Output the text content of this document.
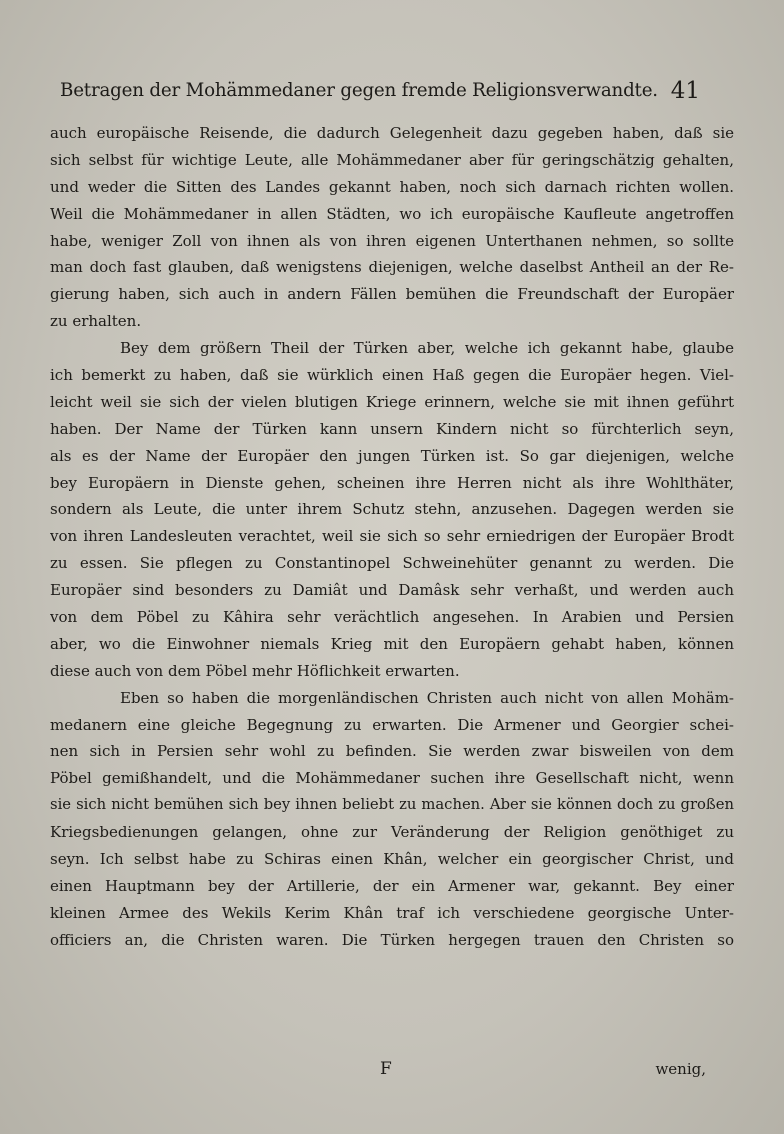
Betragen der Mohämmedaner gegen fremde Religionsverwandte. 41
auch europäische Reisende, die dadurch Gelegenheit dazu gegeben haben, daß sie
sich selbst für wichtige Leute, alle Mohämmedaner aber für geringschätzig gehalten,
und weder die Sitten des Landes gekannt haben, noch sich darnach richten wollen.
Weil die Mohämmedaner in allen Städten, wo ich europäische Kaufleute angetroffen
habe, weniger Zoll von ihnen als von ihren eigenen Unterthanen nehmen, so sollte
man doch fast glauben, daß wenigstens diejenigen, welche daselbst Antheil an der Re-
gierung haben, sich auch in andern Fällen bemühen die Freundschaft der Europäer
zu erhalten.
Bey dem größern Theil der Türken aber, welche ich gekannt habe, glaube
ich bemerkt zu haben, daß sie würklich einen Haß gegen die Europäer hegen. Viel-
leicht weil sie sich der vielen blutigen Kriege erinnern, welche sie mit ihnen geführt
haben. Der Name der Türken kann unsern Kindern nicht so fürchterlich seyn,
als es der Name der Europäer den jungen Türken ist. So gar diejenigen, welche
bey Europäern in Dienste gehen, scheinen ihre Herren nicht als ihre Wohlthäter,
sondern als Leute, die unter ihrem Schutz stehn, anzusehen. Dagegen werden sie
von ihren Landesleuten verachtet, weil sie sich so sehr erniedrigen der Europäer Brodt
zu essen. Sie pflegen zu Constantinopel Schweinehüter genannt zu werden. Die
Europäer sind besonders zu Damiât und Damâsk sehr verhaßt, und werden auch
von dem Pöbel zu Kâhira sehr verächtlich angesehen. In Arabien und Persien
aber, wo die Einwohner niemals Krieg mit den Europäern gehabt haben, können
diese auch von dem Pöbel mehr Höflichkeit erwarten.
Eben so haben die morgenländischen Christen auch nicht von allen Mohäm-
medanern eine gleiche Begegnung zu erwarten. Die Armener und Georgier schei-
nen sich in Persien sehr wohl zu befinden. Sie werden zwar bisweilen von dem
Pöbel gemißhandelt, und die Mohämmedaner suchen ihre Gesellschaft nicht, wenn
sie sich nicht bemühen sich bey ihnen beliebt zu machen. Aber sie können doch zu großen
Kriegsbedienungen gelangen, ohne zur Veränderung der Religion genöthiget zu
seyn. Ich selbst habe zu Schiras einen Khân, welcher ein georgischer Christ, und
einen Hauptmann bey der Artillerie, der ein Armener war, gekannt. Bey einer
kleinen Armee des Wekils Kerim Khân traf ich verschiedene georgische Unter-
officiers an, die Christen waren. Die Türken hergegen trauen den Christen so
F	wenig,
